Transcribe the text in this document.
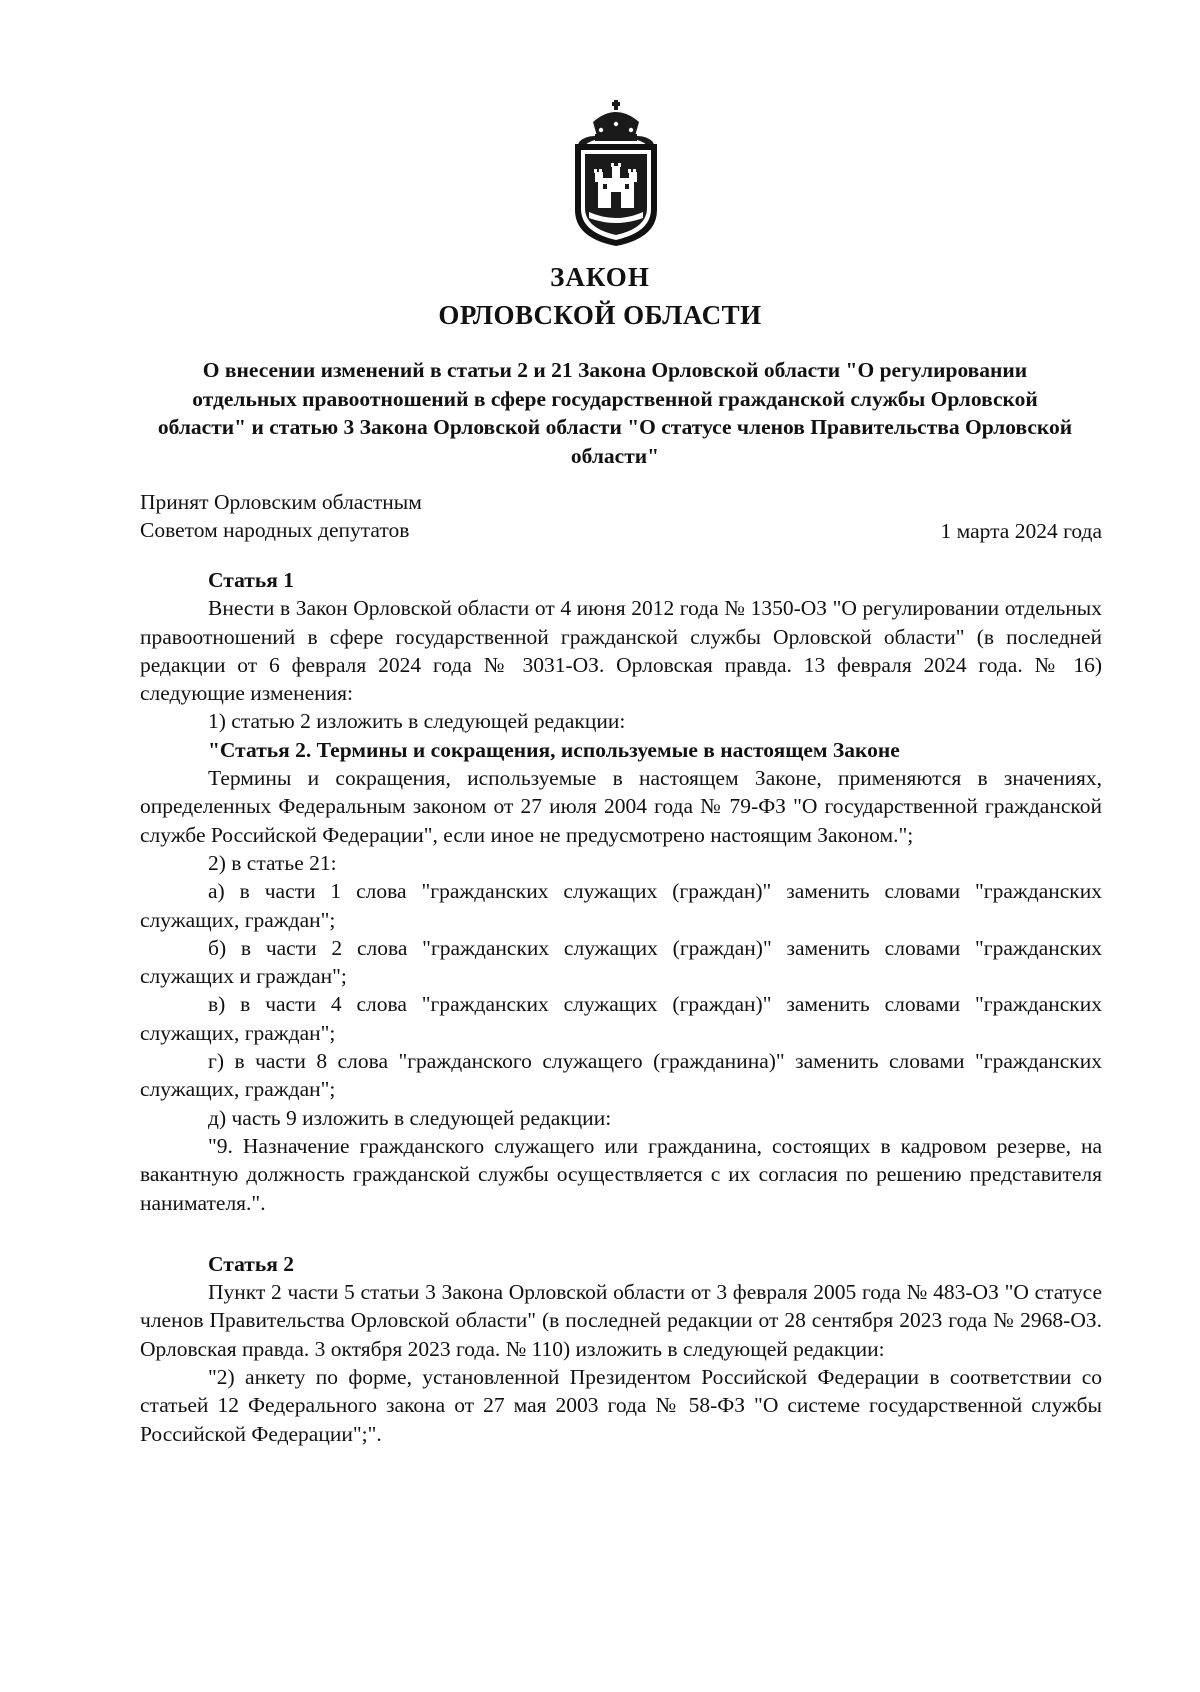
ЗАКОН
ОРЛОВСКОЙ ОБЛАСТИ
О внесении изменений в статьи 2 и 21 Закона Орловской области "О регулировании отдельных правоотношений в сфере государственной гражданской службы Орловской области" и статью 3 Закона Орловской области "О статусе членов Правительства Орловской области"
Принят Орловским областным
Советом народных депутатов	1 марта 2024 года

Статья 1

Внести в Закон Орловской области от 4 июня 2012 года № 1350-ОЗ "О регулировании отдельных правоотношений в сфере государственной гражданской службы Орловской области" (в последней редакции от 6 февраля 2024 года № 3031-ОЗ. Орловская правда. 13 февраля 2024 года. № 16) следующие изменения:

1) статью 2 изложить в следующей редакции:

"Статья 2. Термины и сокращения, используемые в настоящем Законе

Термины и сокращения, используемые в настоящем Законе, применяются в значениях, определенных Федеральным законом от 27 июля 2004 года № 79-ФЗ "О государственной гражданской службе Российской Федерации", если иное не предусмотрено настоящим Законом.";

2) в статье 21:

а) в части 1 слова "гражданских служащих (граждан)" заменить словами "гражданских служащих, граждан";

б) в части 2 слова "гражданских служащих (граждан)" заменить словами "гражданских служащих и граждан";

в) в части 4 слова "гражданских служащих (граждан)" заменить словами "гражданских служащих, граждан";

г) в части 8 слова "гражданского служащего (гражданина)" заменить словами "гражданских служащих, граждан";

д) часть 9 изложить в следующей редакции:

"9. Назначение гражданского служащего или гражданина, состоящих в кадровом резерве, на вакантную должность гражданской службы осуществляется с их согласия по решению представителя нанимателя.".

Статья 2

Пункт 2 части 5 статьи 3 Закона Орловской области от 3 февраля 2005 года № 483-ОЗ "О статусе членов Правительства Орловской области" (в последней редакции от 28 сентября 2023 года № 2968-ОЗ. Орловская правда. 3 октября 2023 года. № 110) изложить в следующей редакции:

"2) анкету по форме, установленной Президентом Российской Федерации в соответствии со статьей 12 Федерального закона от 27 мая 2003 года № 58-ФЗ "О системе государственной службы Российской Федерации";".
